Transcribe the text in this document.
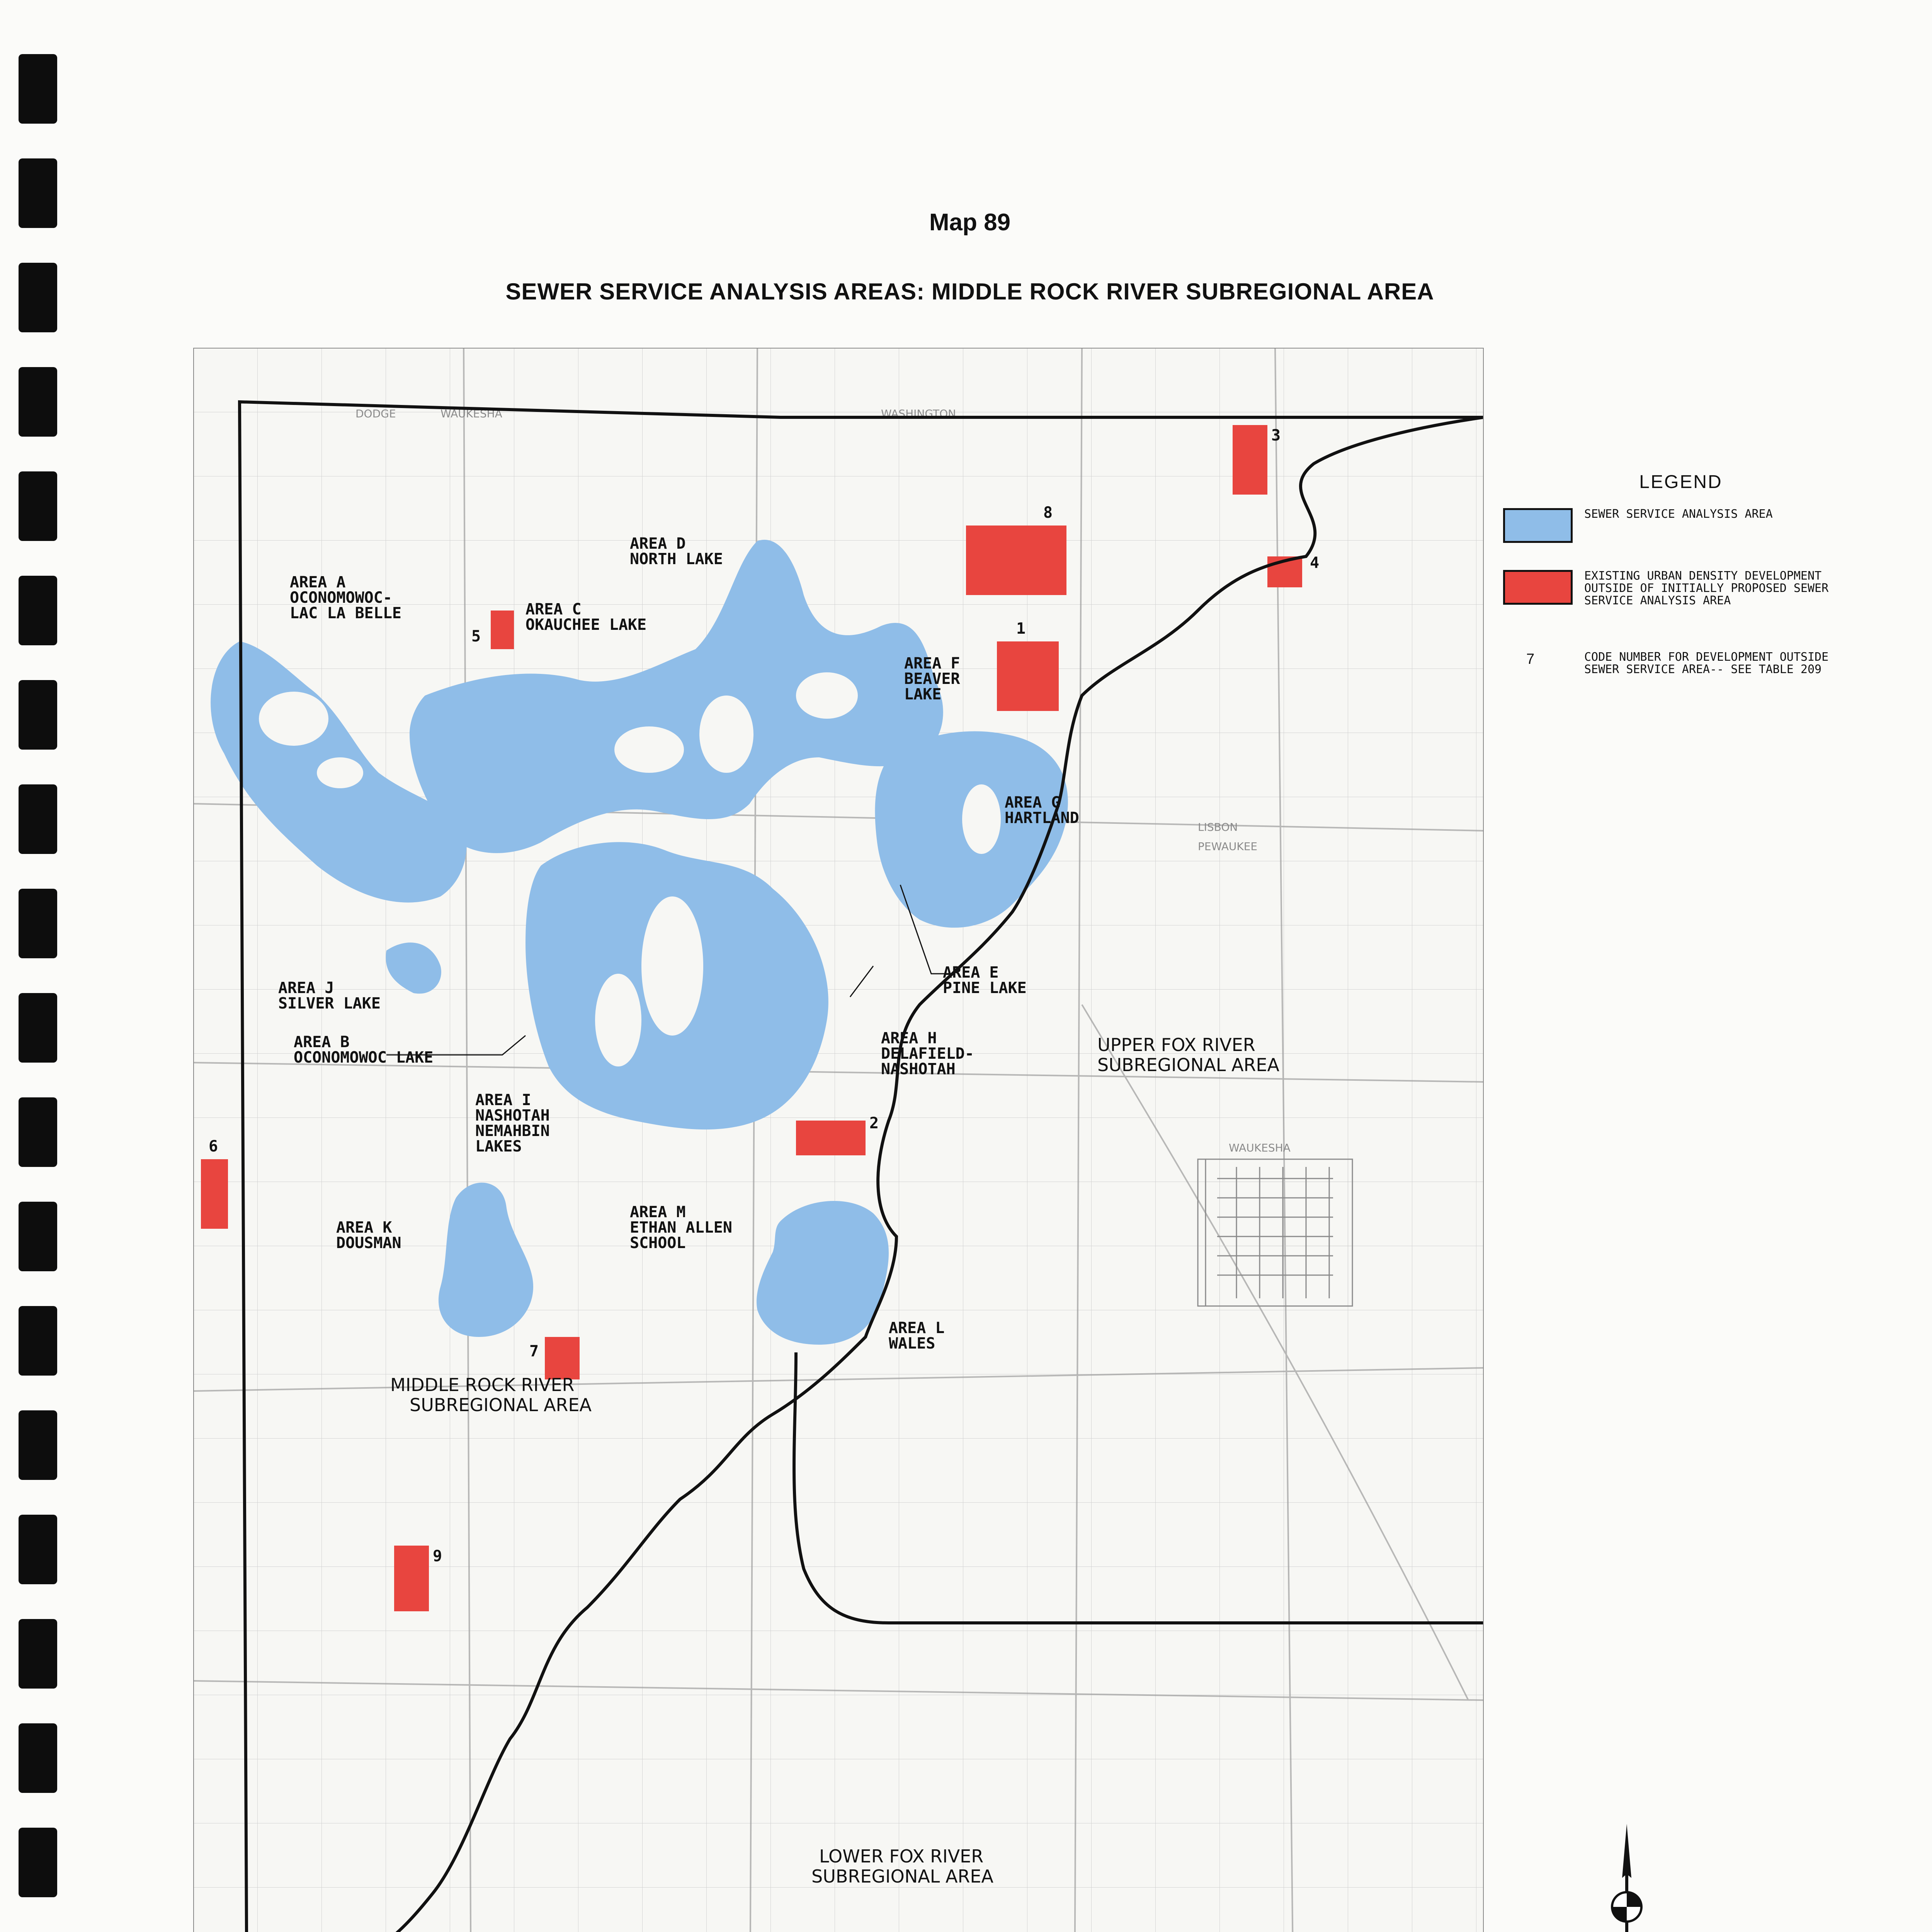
Map 89
SEWER SERVICE ANALYSIS AREAS: MIDDLE ROCK RIVER SUBREGIONAL AREA
DODGE	WAUKESHA	WASHINGTON
WAUKESHA
LISBON
PEWAUKEE
AREA A OCONOMOWOC-LAC LA BELLE
AREA B OCONOMOWOC LAKE
AREA C OKAUCHEE LAKE
AREA D NORTH LAKE
AREA E PINE LAKE
AREA F BEAVER LAKE
AREA G HARTLAND
AREA H DELAFIELD-NASHOTAH
AREA I NASHOTAH NEMAHBIN LAKES
AREA J SILVER LAKE
AREA K DOUSMAN
AREA L WALES
AREA M ETHAN ALLEN SCHOOL
MIDDLE ROCK RIVER SUBREGIONAL AREA
UPPER FOX RIVER SUBREGIONAL AREA
LOWER FOX RIVER SUBREGIONAL AREA
1
2
3
4
5
6
7
8
9
LEGEND
SEWER SERVICE ANALYSIS AREA
EXISTING URBAN DENSITY DEVELOPMENT OUTSIDE OF INITIALLY PROPOSED SEWER SERVICE ANALYSIS AREA
7	CODE NUMBER FOR DEVELOPMENT OUTSIDE SEWER SERVICE AREA-- SEE TABLE 209
